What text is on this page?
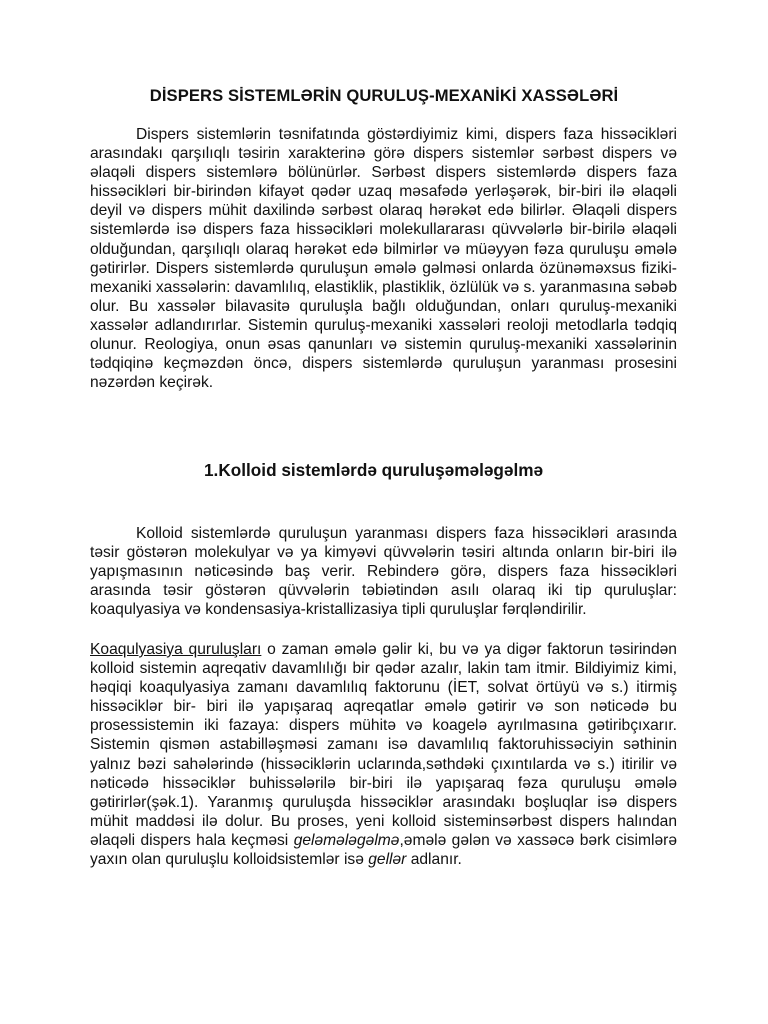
DİSPERS SİSTEMLƏRİN QURULUŞ-MEXANİKİ XASSƏLƏRİ

Dispers sistemlərin təsnifatında göstərdiyimiz kimi, dispers faza hissəcikləri arasındakı qarşılıqlı təsirin xarakterinə görə dispers sistemlər sərbəst dispers və əlaqəli dispers sistemlərə bölünürlər. Sərbəst dispers sistemlərdə dispers faza hissəcikləri bir-birindən kifayət qədər uzaq məsafədə yerləşərək, bir-biri ilə əlaqəli deyil və dispers mühit daxilində sərbəst olaraq hərəkət edə bilirlər. Əlaqəli dispers sistemlərdə isə dispers faza hissəcikləri molekullararası qüvvələrlə bir-birilə əlaqəli olduğundan, qarşılıqlı olaraq hərəkət edə bilmirlər və müəyyən fəza quruluşu əmələ gətirirlər. Dispers sistemlərdə quruluşun əmələ gəlməsi onlarda özünəməxsus fiziki-mexaniki xassələrin: davamlılıq, elastiklik, plastiklik, özlülük və s. yaranmasına səbəb olur. Bu xassələr bilavasitə quruluşla bağlı olduğundan, onları quruluş-mexaniki xassələr adlandırırlar. Sistemin quruluş-mexaniki xassələri reoloji metodlarla tədqiq olunur. Reologiya, onun əsas qanunları və sistemin quruluş-mexaniki xassələrinin tədqiqinə keçməzdən öncə, dispers sistemlərdə quruluşun yaranması prosesini nəzərdən keçirək.

1.Kolloid sistemlərdə quruluşəmələgəlmə

Kolloid sistemlərdə quruluşun yaranması dispers faza hissəcikləri arasında təsir göstərən molekulyar və ya kimyəvi qüvvələrin təsiri altında onların bir-biri ilə yapışmasının nəticəsində baş verir. Rebinderə görə, dispers faza hissəcikləri arasında təsir göstərən qüvvələrin təbiətindən asılı olaraq iki tip quruluşlar: koaqulyasiya və kondensasiya-kristallizasiya tipli quruluşlar fərqləndirilir.

Koaqulyasiya quruluşları o zaman əmələ gəlir ki, bu və ya digər faktorun təsirindən kolloid sistemin aqreqativ davamlılığı bir qədər azalır, lakin tam itmir. Bildiyimiz kimi, həqiqi koaqulyasiya zamanı davamlılıq faktorunu (İET, solvat örtüyü və s.) itirmiş hissəciklər bir- biri ilə yapışaraq aqreqatlar əmələ gətirir və son nəticədə bu prosessistemin iki fazaya: dispers mühitə və koagelə ayrılmasına gətiribçıxarır. Sistemin qismən astabilləşməsi zamanı isə davamlılıq faktoruhissəciyin səthinin yalnız bəzi sahələrində (hissəciklərin uclarında,səthdəki çıxıntılarda və s.) itirilir və nəticədə hissəciklər buhissələrilə bir-biri ilə yapışaraq fəza quruluşu əmələ gətirirlər(şək.1). Yaranmış quruluşda hissəciklər arasındakı boşluqlar isə dispers mühit maddəsi ilə dolur. Bu proses, yeni kolloid sisteminsərbəst dispers halından əlaqəli dispers hala keçməsi geləmələgəlmə,əmələ gələn və xassəcə bərk cisimlərə yaxın olan quruluşlu kolloidsistemlər isə gellər adlanır.
